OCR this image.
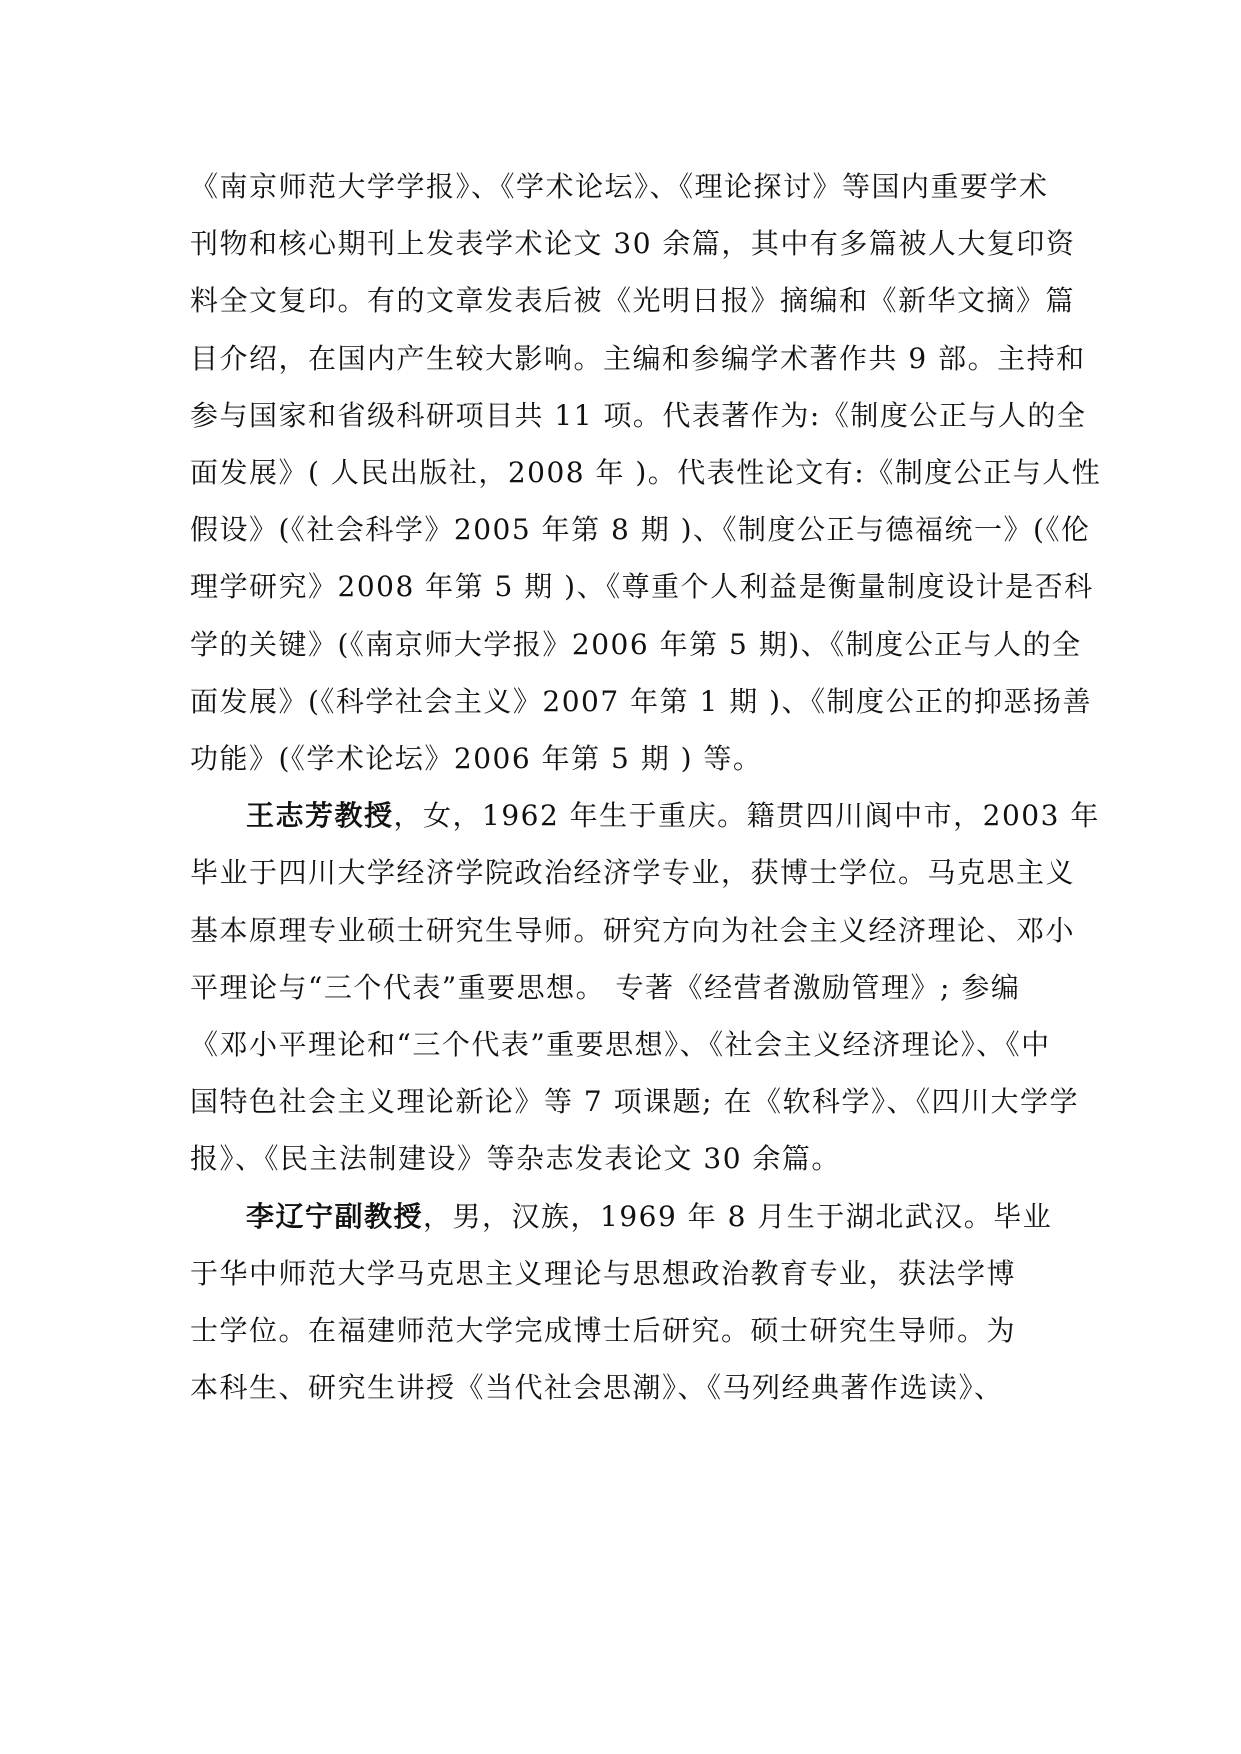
《南京师范大学学报》、《学术论坛》、《理论探讨》等国内重要学术
刊物和核心期刊上发表学术论文 30 余篇，其中有多篇被人大复印资
料全文复印。有的文章发表后被《光明日报》摘编和《新华文摘》篇
目介绍，在国内产生较大影响。主编和参编学术著作共 9 部。主持和
参与国家和省级科研项目共 11 项。代表著作为:《制度公正与人的全
面发展》( 人民出版社，2008 年 )。代表性论文有:《制度公正与人性
假设》(《社会科学》2005 年第 8 期 )、《制度公正与德福统一》(《伦
理学研究》2008 年第 5 期 )、《尊重个人利益是衡量制度设计是否科
学的关键》(《南京师大学报》2006 年第 5 期)、《制度公正与人的全
面发展》(《科学社会主义》2007 年第 1 期 )、《制度公正的抑恶扬善
功能》(《学术论坛》2006 年第 5 期 ) 等。

王志芳教授，女，1962 年生于重庆。籍贯四川阆中市，2003 年
毕业于四川大学经济学院政治经济学专业，获博士学位。马克思主义
基本原理专业硕士研究生导师。研究方向为社会主义经济理论、邓小
平理论与“三个代表”重要思想。 专著《经营者激励管理》; 参编
《邓小平理论和“三个代表”重要思想》、《社会主义经济理论》、《中
国特色社会主义理论新论》等 7 项课题; 在《软科学》、《四川大学学
报》、《民主法制建设》等杂志发表论文 30 余篇。

李辽宁副教授，男，汉族，1969 年 8 月生于湖北武汉。毕业
于华中师范大学马克思主义理论与思想政治教育专业，获法学博
士学位。在福建师范大学完成博士后研究。硕士研究生导师。为
本科生、研究生讲授《当代社会思潮》、《马列经典著作选读》、
